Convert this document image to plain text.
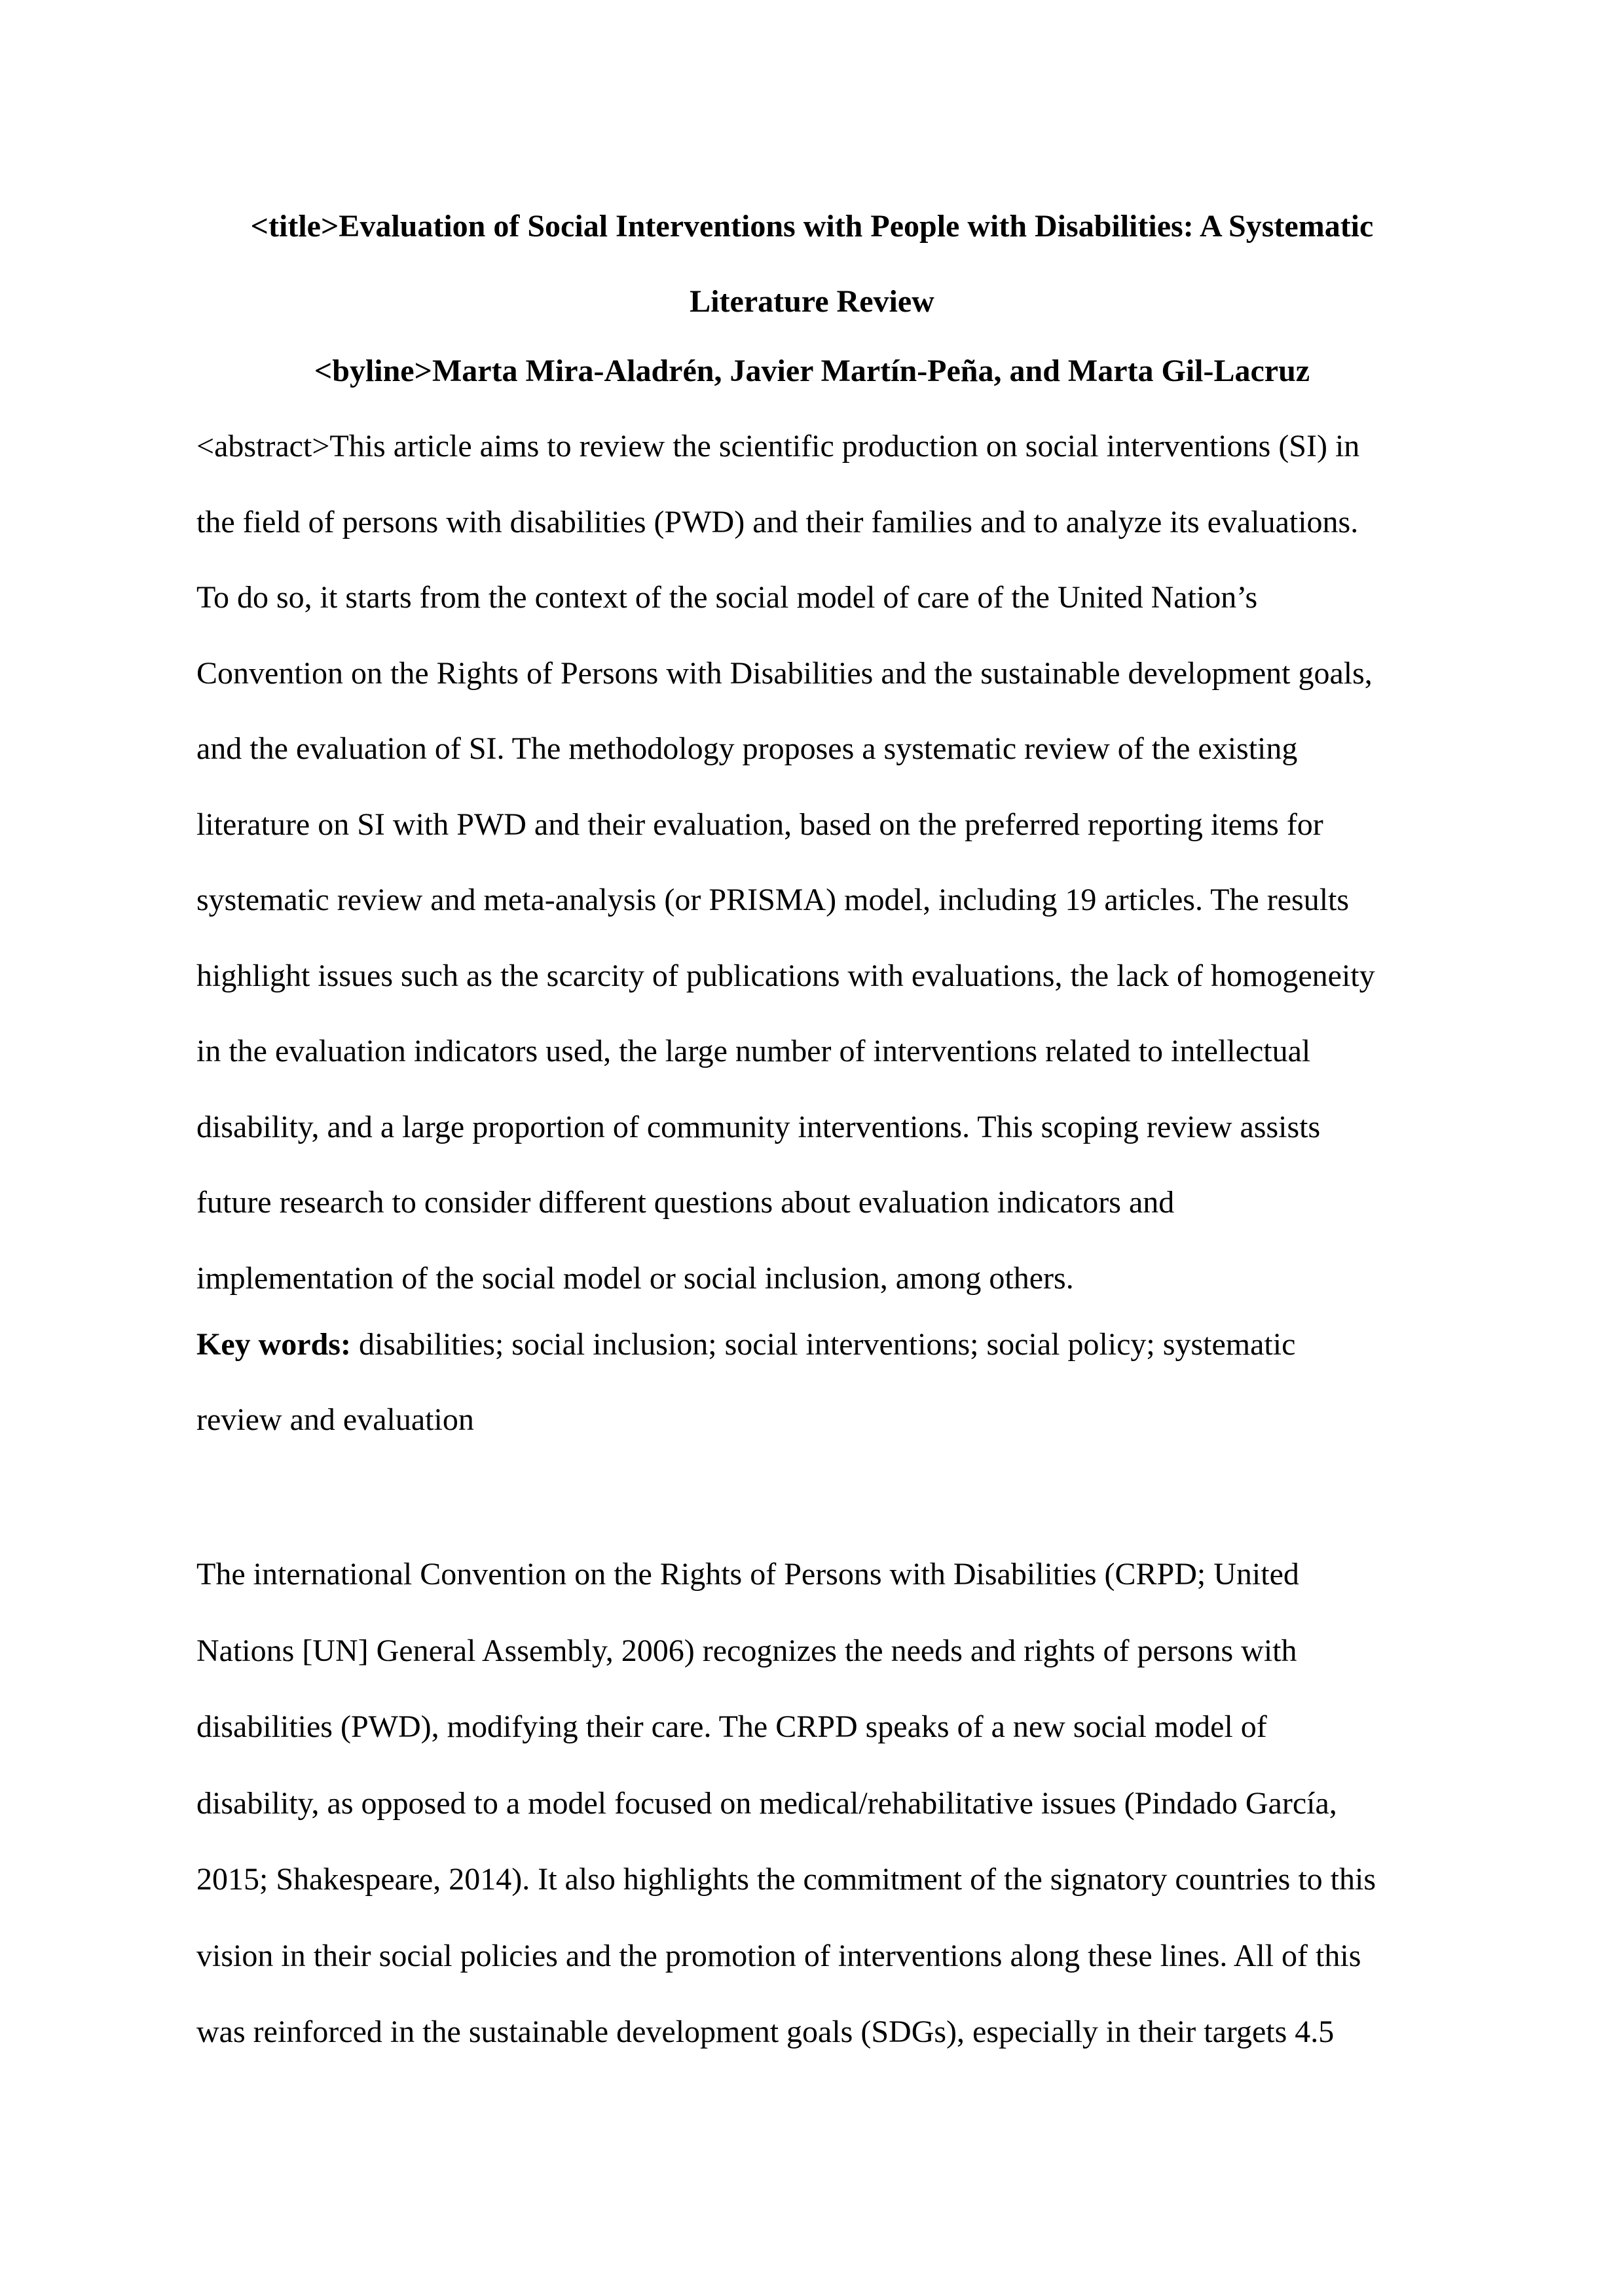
<title>Evaluation of Social Interventions with People with Disabilities: A Systematic
Literature Review
<byline>Marta Mira-Aladrén, Javier Martín-Peña, and Marta Gil-Lacruz

<abstract>This article aims to review the scientific production on social interventions (SI) in
the field of persons with disabilities (PWD) and their families and to analyze its evaluations.
To do so, it starts from the context of the social model of care of the United Nation’s
Convention on the Rights of Persons with Disabilities and the sustainable development goals,
and the evaluation of SI. The methodology proposes a systematic review of the existing
literature on SI with PWD and their evaluation, based on the preferred reporting items for
systematic review and meta-analysis (or PRISMA) model, including 19 articles. The results
highlight issues such as the scarcity of publications with evaluations, the lack of homogeneity
in the evaluation indicators used, the large number of interventions related to intellectual
disability, and a large proportion of community interventions. This scoping review assists
future research to consider different questions about evaluation indicators and
implementation of the social model or social inclusion, among others.

Key words: disabilities; social inclusion; social interventions; social policy; systematic
review and evaluation

The international Convention on the Rights of Persons with Disabilities (CRPD; United
Nations [UN] General Assembly, 2006) recognizes the needs and rights of persons with
disabilities (PWD), modifying their care. The CRPD speaks of a new social model of
disability, as opposed to a model focused on medical/rehabilitative issues (Pindado García,
2015; Shakespeare, 2014). It also highlights the commitment of the signatory countries to this
vision in their social policies and the promotion of interventions along these lines. All of this
was reinforced in the sustainable development goals (SDGs), especially in their targets 4.5
